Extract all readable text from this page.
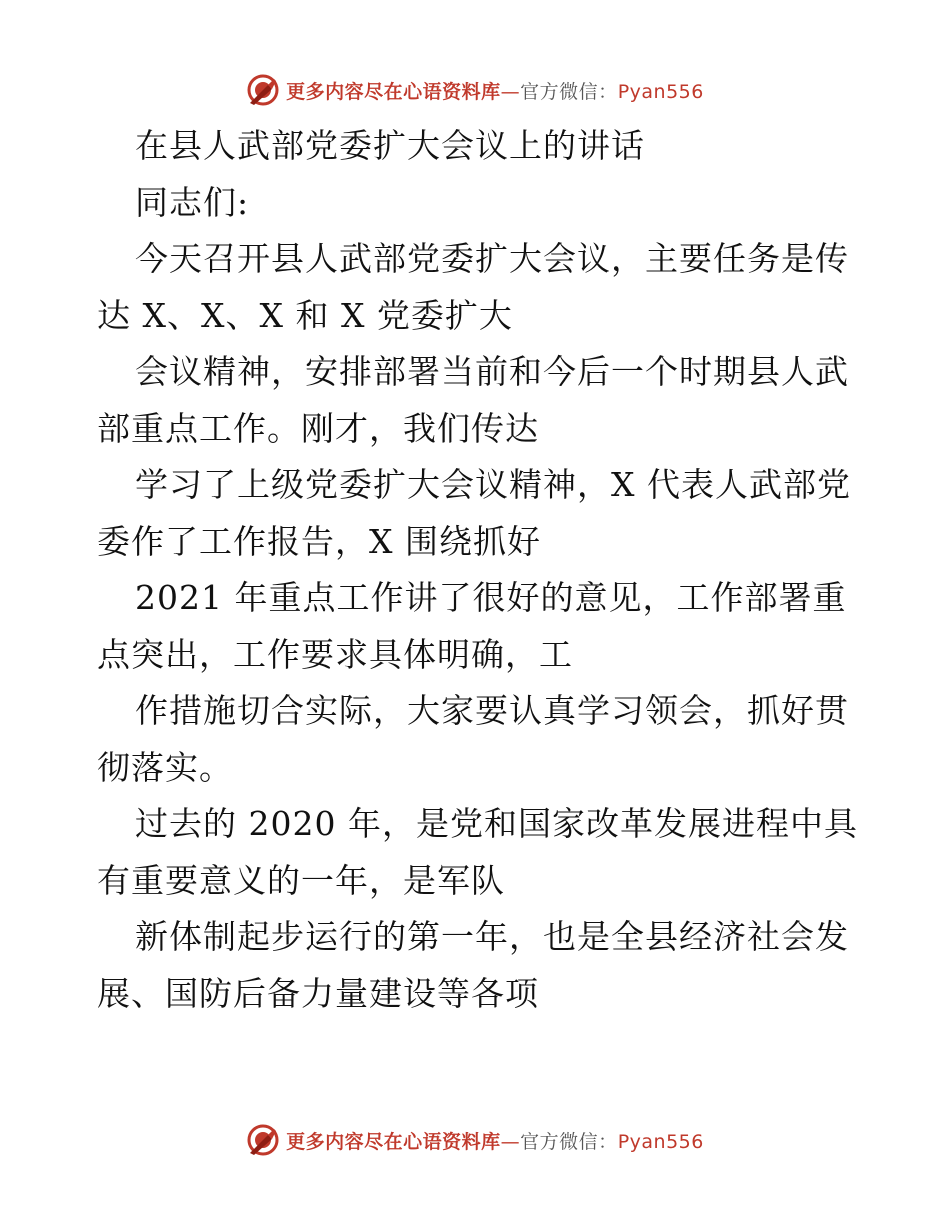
更多内容尽在心语资料库—官方微信：Pyan556
在县人武部党委扩大会议上的讲话
同志们:
今天召开县人武部党委扩大会议，主要任务是传
达 X、X、X 和 X 党委扩大
会议精神，安排部署当前和今后一个时期县人武
部重点工作。刚才，我们传达
学习了上级党委扩大会议精神，X 代表人武部党
委作了工作报告，X 围绕抓好
2021 年重点工作讲了很好的意见，工作部署重
点突出，工作要求具体明确，工
作措施切合实际，大家要认真学习领会，抓好贯
彻落实。
过去的 2020 年，是党和国家改革发展进程中具
有重要意义的一年，是军队
新体制起步运行的第一年，也是全县经济社会发
展、国防后备力量建设等各项
更多内容尽在心语资料库—官方微信：Pyan556
